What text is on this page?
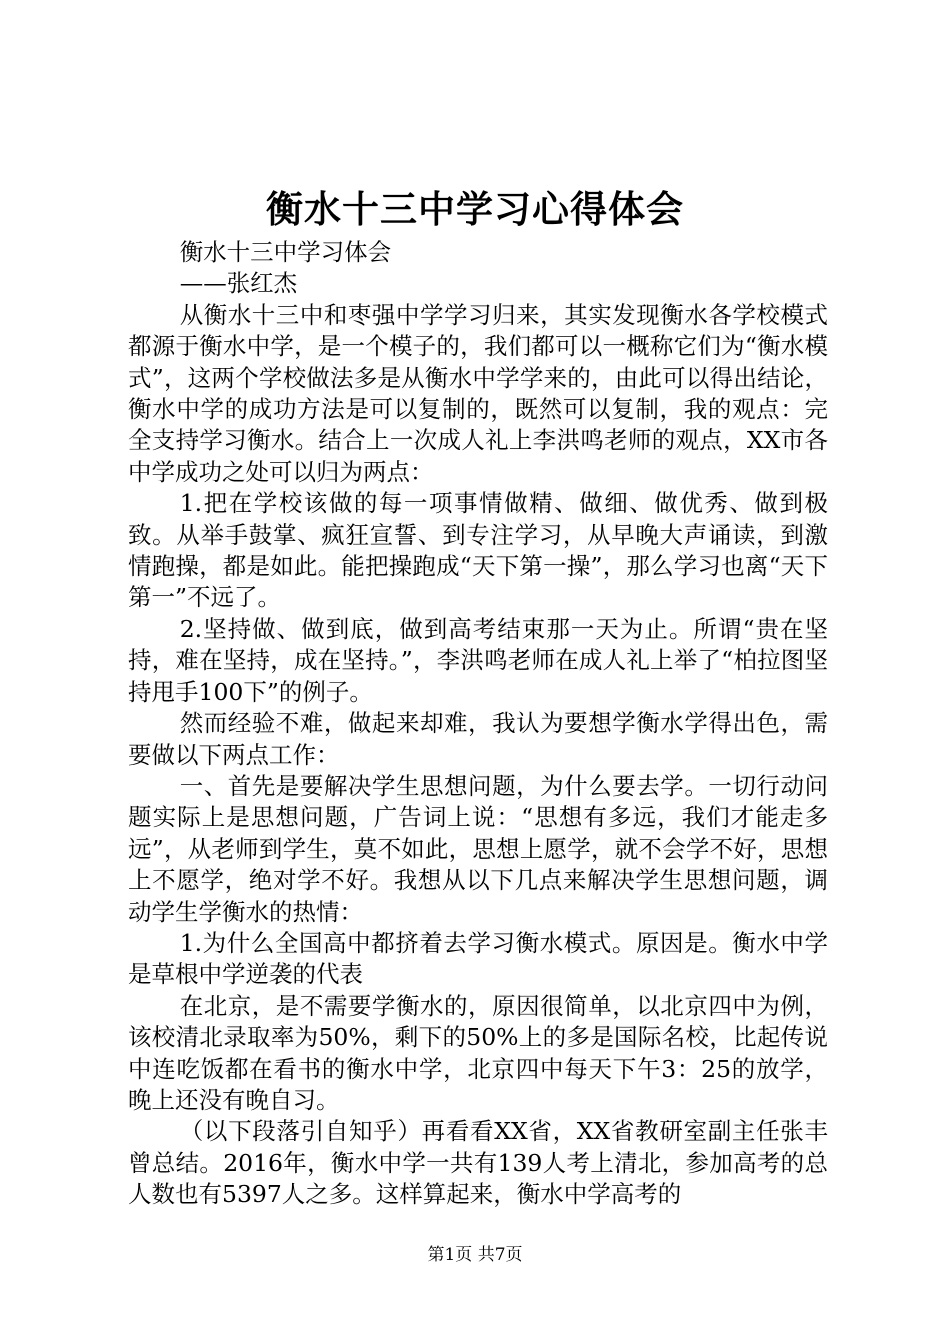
衡水十三中学习心得体会

衡水十三中学习体会

——张红杰

从衡水十三中和枣强中学学习归来，其实发现衡水各学校模式都源于衡水中学，是一个模子的，我们都可以一概称它们为“衡水模式”，这两个学校做法多是从衡水中学学来的，由此可以得出结论，衡水中学的成功方法是可以复制的，既然可以复制，我的观点：完全支持学习衡水。结合上一次成人礼上李洪鸣老师的观点，XX市各中学成功之处可以归为两点：

1.把在学校该做的每一项事情做精、做细、做优秀、做到极致。从举手鼓掌、疯狂宣誓、到专注学习，从早晚大声诵读，到激情跑操，都是如此。能把操跑成“天下第一操”，那么学习也离“天下第一”不远了。

2.坚持做、做到底，做到高考结束那一天为止。所谓“贵在坚持，难在坚持，成在坚持。”，李洪鸣老师在成人礼上举了“柏拉图坚持甩手100下”的例子。

然而经验不难，做起来却难，我认为要想学衡水学得出色，需要做以下两点工作：

一、首先是要解决学生思想问题，为什么要去学。一切行动问题实际上是思想问题，广告词上说：“思想有多远，我们才能走多远”，从老师到学生，莫不如此，思想上愿学，就不会学不好，思想上不愿学，绝对学不好。我想从以下几点来解决学生思想问题，调动学生学衡水的热情：

1.为什么全国高中都挤着去学习衡水模式。原因是。衡水中学是草根中学逆袭的代表

在北京，是不需要学衡水的，原因很简单，以北京四中为例，该校清北录取率为50%，剩下的50%上的多是国际名校，比起传说中连吃饭都在看书的衡水中学，北京四中每天下午3：25的放学，晚上还没有晚自习。

（以下段落引自知乎）再看看XX省，XX省教研室副主任张丰曾总结。2016年，衡水中学一共有139人考上清北，参加高考的总人数也有5397人之多。这样算起来，衡水中学高考的

第1页 共7页
